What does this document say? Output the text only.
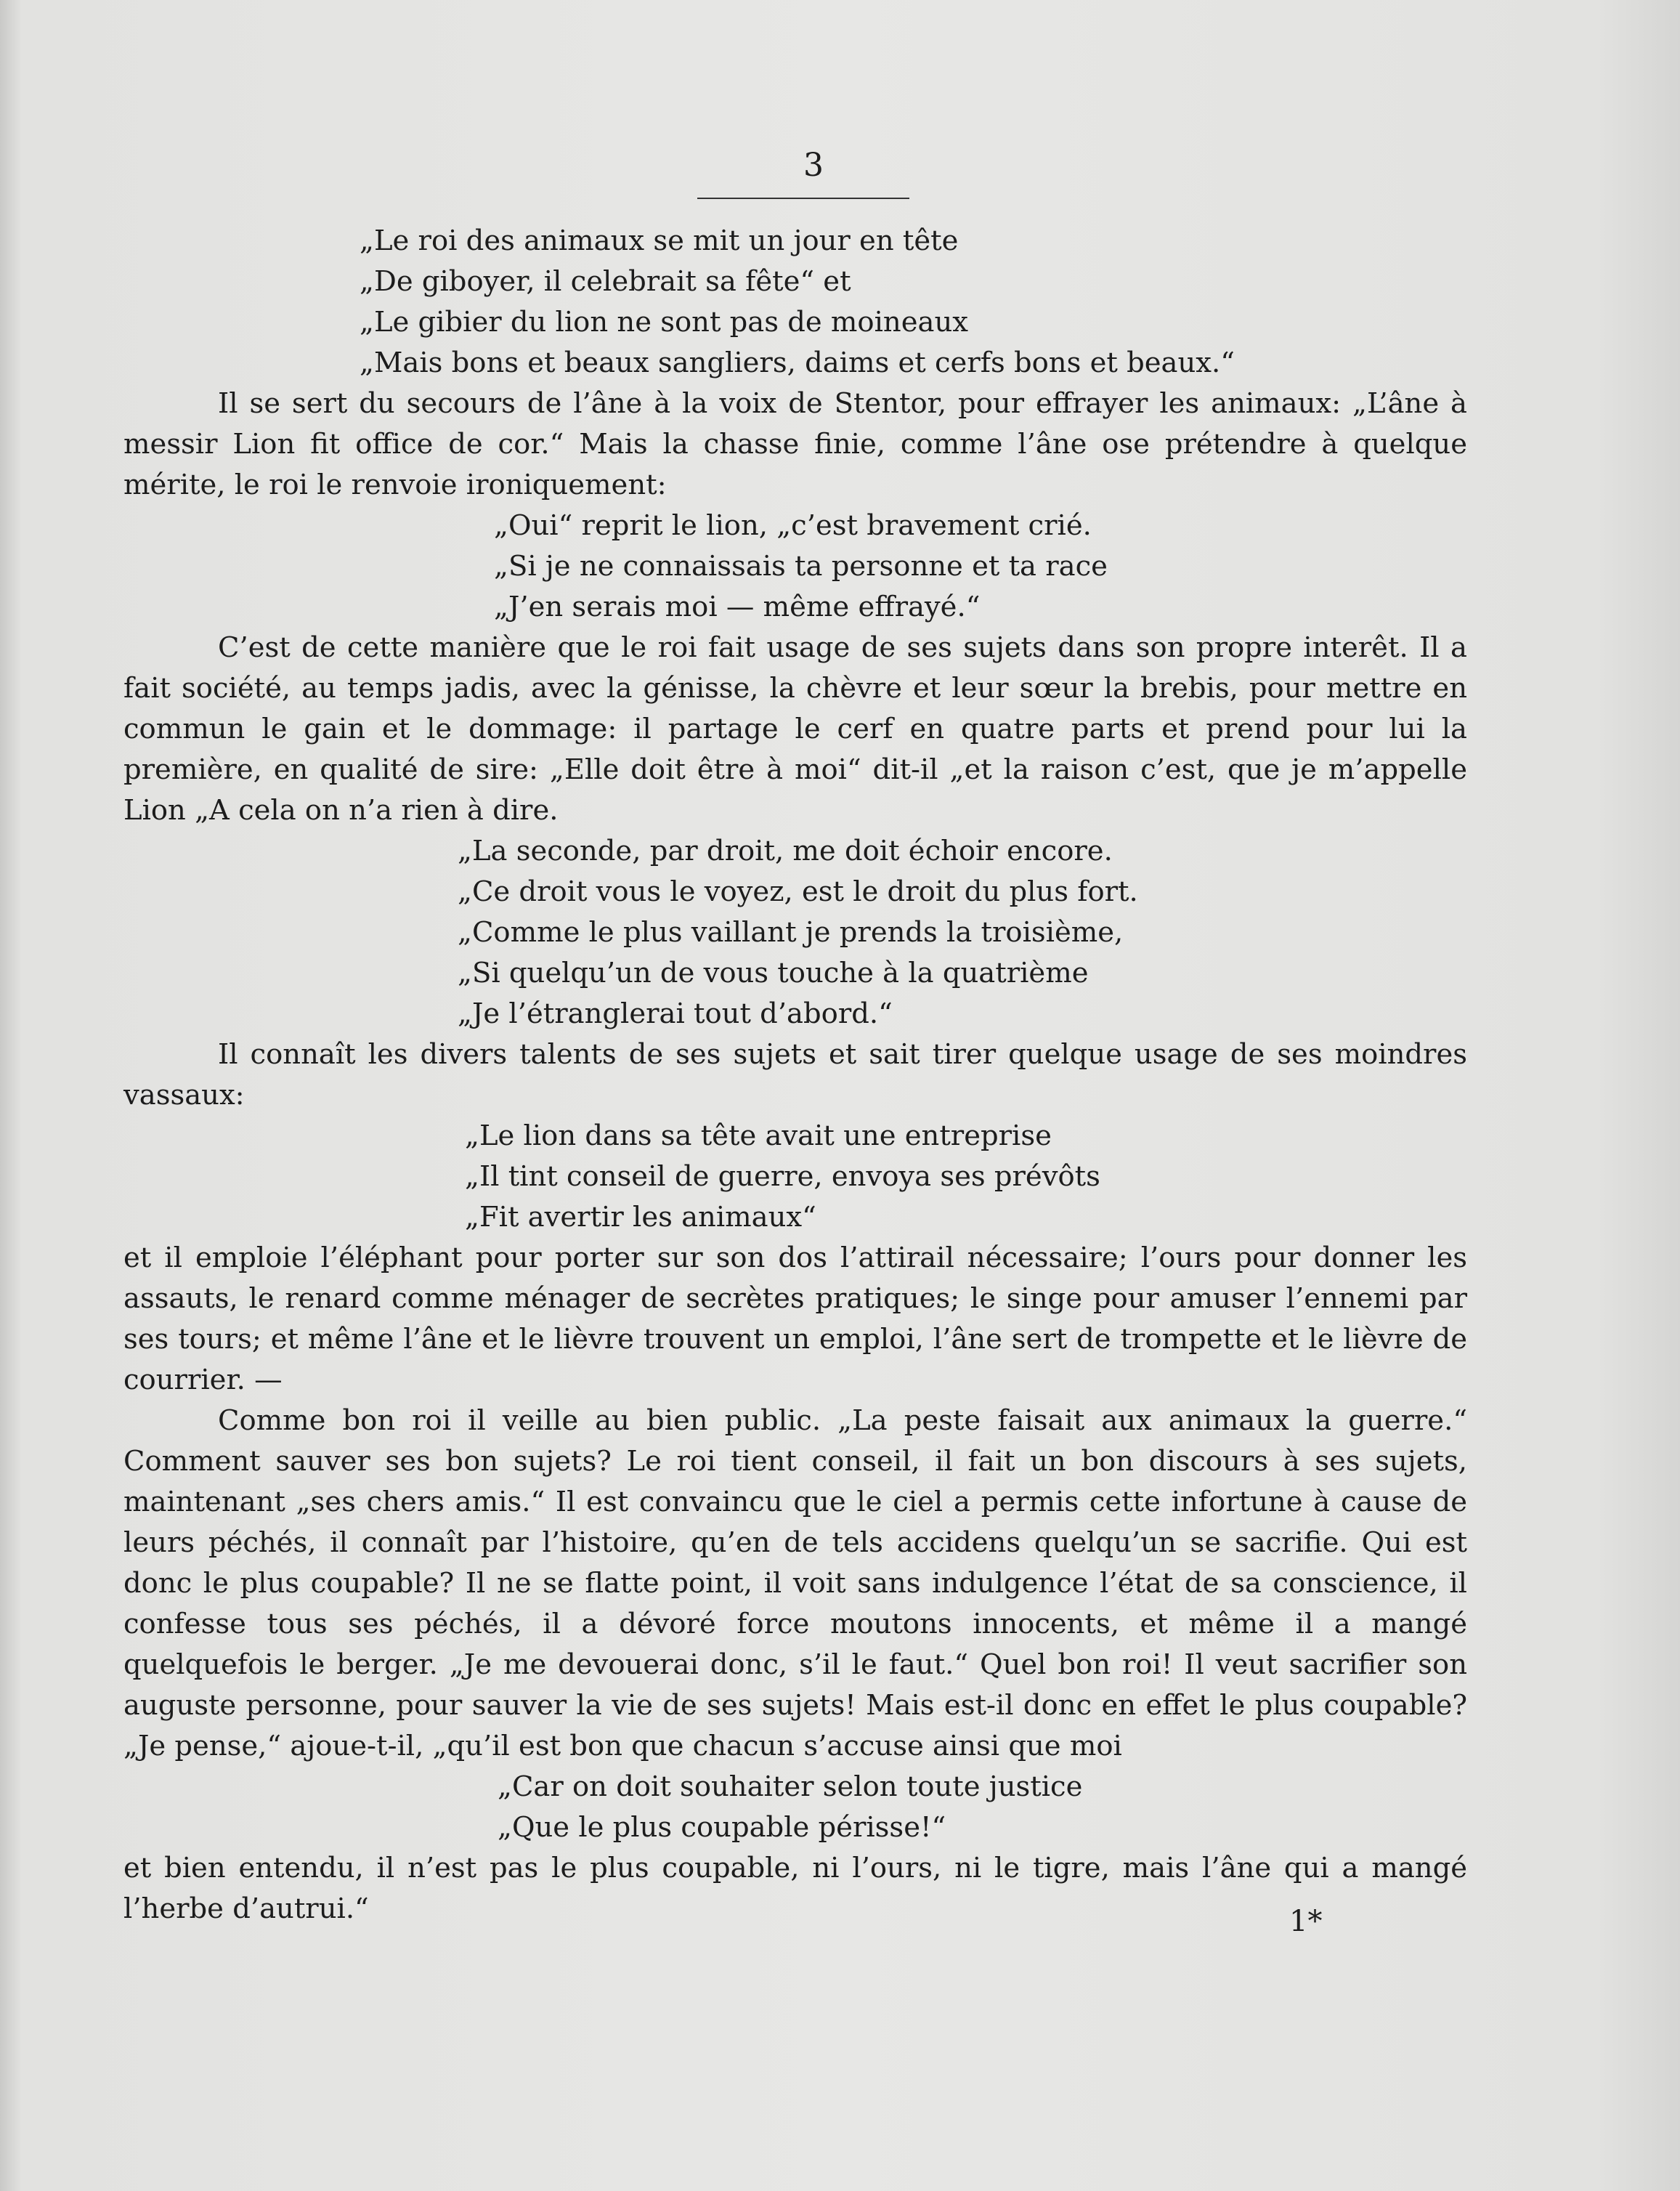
3
„Le roi des animaux se mit un jour en tête
„De giboyer, il celebrait sa fête“ et
„Le gibier du lion ne sont pas de moineaux
„Mais bons et beaux sangliers, daims et cerfs bons et beaux.“

Il se sert du secours de l’âne à la voix de Stentor, pour effrayer les animaux: „L’âne à messir Lion fit office de cor.“ Mais la chasse finie, comme l’âne ose prétendre à quelque mérite, le roi le renvoie ironiquement:

„Oui“ reprit le lion, „c’est bravement crié.
„Si je ne connaissais ta personne et ta race
„J’en serais moi — même effrayé.“

C’est de cette manière que le roi fait usage de ses sujets dans son propre interêt. Il a fait société, au temps jadis, avec la génisse, la chèvre et leur sœur la brebis, pour mettre en commun le gain et le dommage: il partage le cerf en quatre parts et prend pour lui la première, en qualité de sire: „Elle doit être à moi“ dit-il „et la raison c’est, que je m’appelle Lion „A cela on n’a rien à dire.

„La seconde, par droit, me doit échoir encore.
„Ce droit vous le voyez, est le droit du plus fort.
„Comme le plus vaillant je prends la troisième,
„Si quelqu’un de vous touche à la quatrième
„Je l’étranglerai tout d’abord.“

Il connaît les divers talents de ses sujets et sait tirer quelque usage de ses moindres vassaux:

„Le lion dans sa tête avait une entreprise
„Il tint conseil de guerre, envoya ses prévôts
„Fit avertir les animaux“

et il emploie l’éléphant pour porter sur son dos l’attirail nécessaire; l’ours pour donner les assauts, le renard comme ménager de secrètes pratiques; le singe pour amuser l’ennemi par ses tours; et même l’âne et le lièvre trouvent un emploi, l’âne sert de trompette et le lièvre de courrier. —

Comme bon roi il veille au bien public. „La peste faisait aux animaux la guerre.“ Comment sauver ses bon sujets? Le roi tient conseil, il fait un bon discours à ses sujets, maintenant „ses chers amis.“ Il est convaincu que le ciel a permis cette infortune à cause de leurs péchés, il connaît par l’histoire, qu’en de tels accidens quelqu’un se sacrifie. Qui est donc le plus coupable? Il ne se flatte point, il voit sans indulgence l’état de sa conscience, il confesse tous ses péchés, il a dévoré force moutons innocents, et même il a mangé quelquefois le berger. „Je me devouerai donc, s’il le faut.“ Quel bon roi! Il veut sacrifier son auguste personne, pour sauver la vie de ses sujets! Mais est-il donc en effet le plus coupable? „Je pense,“ ajoue-t-il, „qu’il est bon que chacun s’accuse ainsi que moi

„Car on doit souhaiter selon toute justice
„Que le plus coupable périsse!“

et bien entendu, il n’est pas le plus coupable, ni l’ours, ni le tigre, mais l’âne qui a mangé l’herbe d’autrui.“	1*
